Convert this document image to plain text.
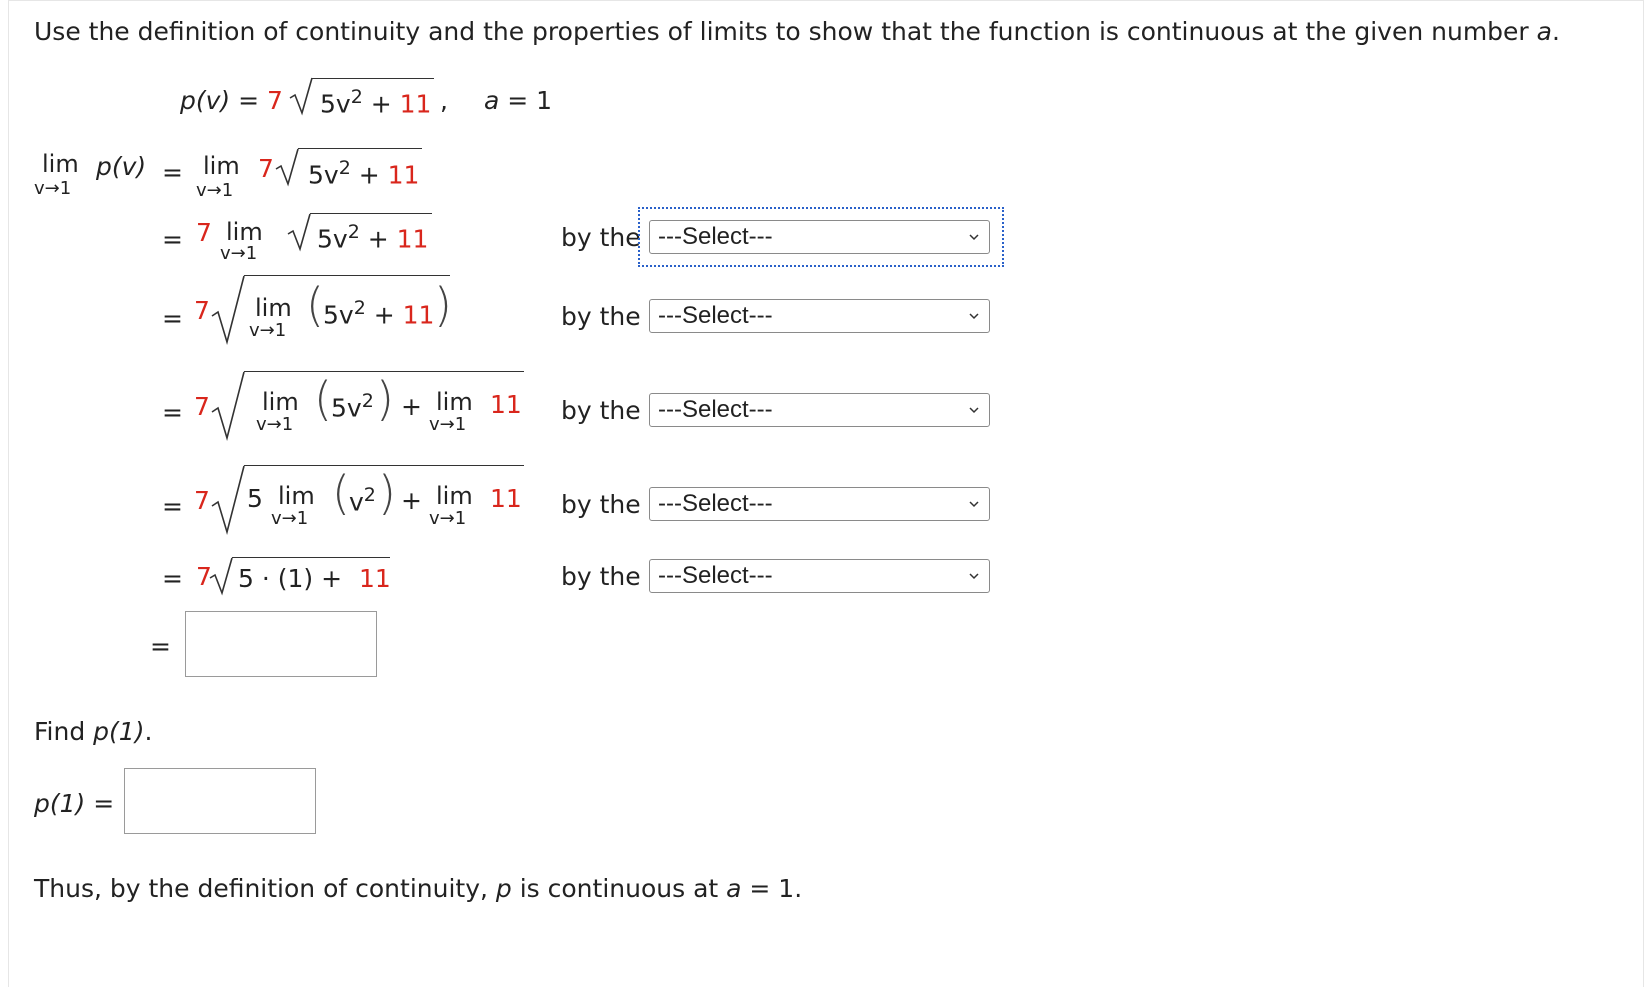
Use the definition of continuity and the properties of limits to show that the function is continuous at the given number a.
p(v) = 7 $5v^2 + 11$ , a = 1
lim
v→1
p(v) = lim
v→1
7 $5v^2 + 11$
= 7 lim
v→1
$5v^2 + 11$	by the ---Select---
= 7 lim
v→1 ( $5v^2 + 11$ )	by the ---Select---
= 7 lim
v→1 ( $5v^2$ ) + lim
v→1
11 by the ---Select---
= 7 5 lim
v→1 ( $v^2$ ) + lim
v→1
11 by the ---Select---
= 7 5 · (1) + 11	by the ---Select---
=
Find p(1).
p(1) =
Thus, by the definition of continuity, p is continuous at a = 1.
